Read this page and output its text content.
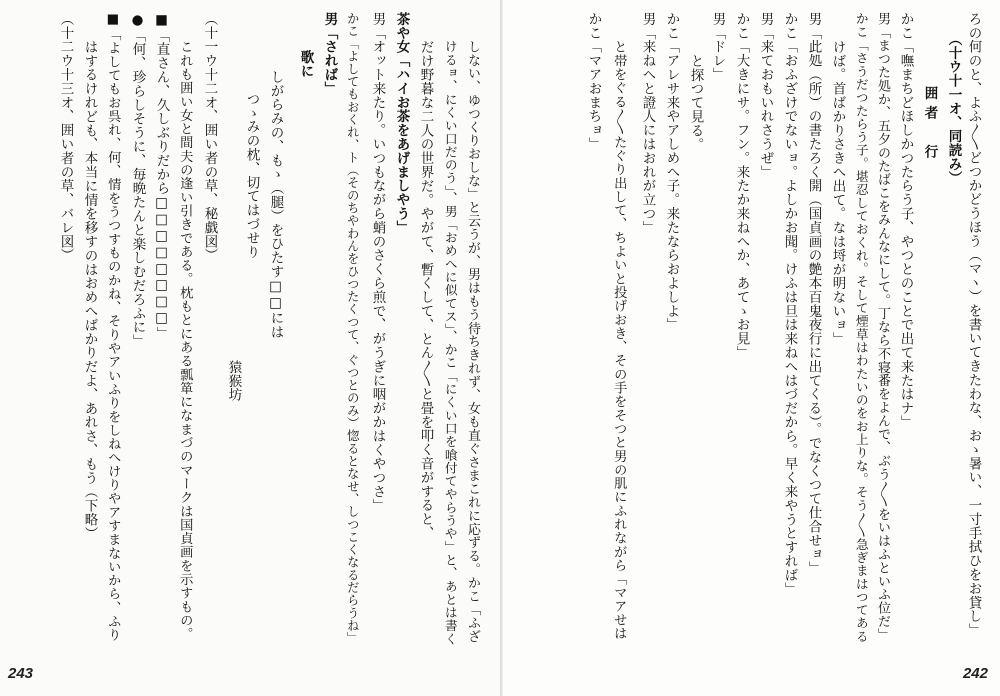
ろの何のと、よふ〳〵どつかどうほう（マヽ）を書いてきたわな、おゝ暑い、一寸手拭ひをお貸し」
（十ウ十一オ、同読み）
囲者　行
かこ「嘸まちどほしかつたらう子、やつとのことで出て来たはナ」
男「まつた処か、五夕のたばこをみんなにして。丁なら不寝番をよんで、ぶう〳〵をいはふといふ位だ」
かこ「さうだつたらう子。堪忍しておくれ。そして煙草はわたいのをお上りな。そう〳〵急ぎまはつてある
けば。首ばかりさきへ出て。なは埒が明ないョ」
男「此処（所）の書たろく開（国貞画の艶本百鬼夜行に出てくる）。でなくつて仕合せョ」
かこ「おふざけでないョ。よしかお聞。けふは旦は来ねへはづだから。早く来やうとすれば」
男「来ておもいれさうぜ」
かこ「大きにサ。フン。来たか来ねへか、あてゝお見」
男「ドレ」
と探つて見る。
かこ「アレサ来やアしめへ子。来たならおよしよ」
男「来ねへと證人にはおれが立つ」
と帯をぐる〳〵たぐり出して、ちよいと投げおき、その手をそつと男の肌にふれながら「マアせは
かこ「マアおまちョ」
242
しない、ゆつくりおしな」と云うが、男はもう待ちきれず、女も直ぐさまこれに応ずる。かこ「ふざ
けるョ、にくい口だのう」、男「おめへに似てス」、かこ「にくい口を喰付てやらうや」と、あとは書く
だけ野暮な二人の世界だ。やがて、暫くして、とん〳〵と畳を叩く音がすると、
茶や女「ハイお茶をあげましやう」
男「オット来たり。いつもながら蛸のさくら煎で、がうぎに咽がかはくやつさ」
かこ「よしてもおくれ、ト（そのちやわんをひつたくつて、ぐつとのみ）惚るとなせ、しつこくなるだらうね」
男「されば」
歌に
しがらみの、もゝ（腿）をひたす□□には
つゝみの枕、切てはづせり
猿猴坊
（十一ウ十二オ、囲い者の草、秘戯図）
これも囲い女と間夫の逢い引きである。枕もとにある瓢箪になまづのマークは国貞画を示すもの。
■「直さん、久しぶりだから□□□□□□□□」
●「何、珍らしそうに、毎晩たんと楽しむだろふに」
■「よしてもお呉れ、何、情をうつすものかね、そりやアいふりをしねへけりやアすまないから、ふり
はするけれども、本当に情を移すのはおめへばかりだよ、あれさ、もう（下略）
（十二ウ十三オ、囲い者の草、バレ図）
243
